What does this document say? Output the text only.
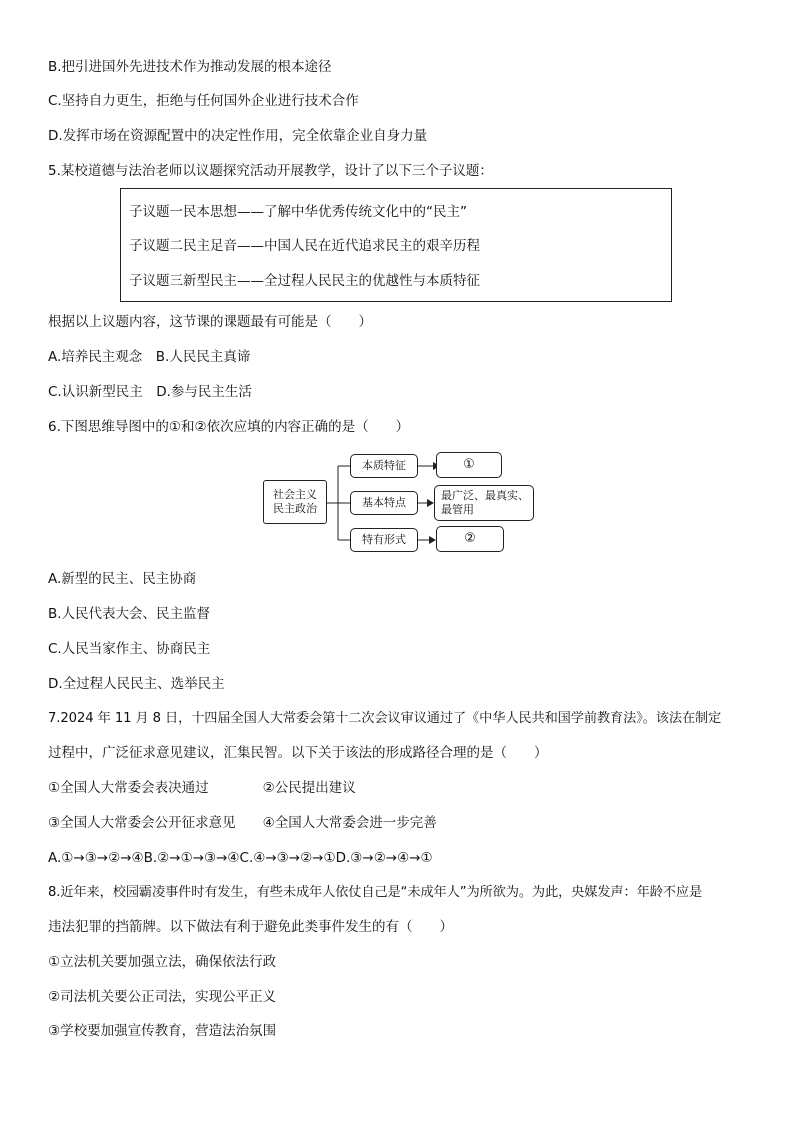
B.把引进国外先进技术作为推动发展的根本途径
C.坚持自力更生，拒绝与任何国外企业进行技术合作
D.发挥市场在资源配置中的决定性作用，完全依靠企业自身力量
5.某校道德与法治老师以议题探究活动开展教学，设计了以下三个子议题：
子议题一民本思想——了解中华优秀传统文化中的“民主”
子议题二民主足音——中国人民在近代追求民主的艰辛历程
子议题三新型民主——全过程人民民主的优越性与本质特征
根据以上议题内容，这节课的课题最有可能是（　　）
A.培养民主观念　B.人民民主真谛
C.认识新型民主　D.参与民主生活
6.下图思维导图中的①和②依次应填的内容正确的是（　　）
社会主义
民主政治
本质特征
基本特点
特有形式
①
最广泛、最真实、
最管用
②
A.新型的民主、民主协商
B.人民代表大会、民主监督
C.人民当家作主、协商民主
D.全过程人民民主、选举民主
7.2024 年 11 月 8 日，十四届全国人大常委会第十二次会议审议通过了《中华人民共和国学前教育法》。该法在制定
过程中，广泛征求意见建议，汇集民智。以下关于该法的形成路径合理的是（　　）
①全国人大常委会表决通过　　　　②公民提出建议
③全国人大常委会公开征求意见　　④全国人大常委会进一步完善
A.①→③→②→④B.②→①→③→④C.④→③→②→①D.③→②→④→①
8.近年来，校园霸凌事件时有发生，有些未成年人依仗自己是“未成年人”为所欲为。为此，央媒发声：年龄不应是
违法犯罪的挡箭牌。以下做法有利于避免此类事件发生的有（　　）
①立法机关要加强立法，确保依法行政
②司法机关要公正司法，实现公平正义
③学校要加强宣传教育，营造法治氛围
